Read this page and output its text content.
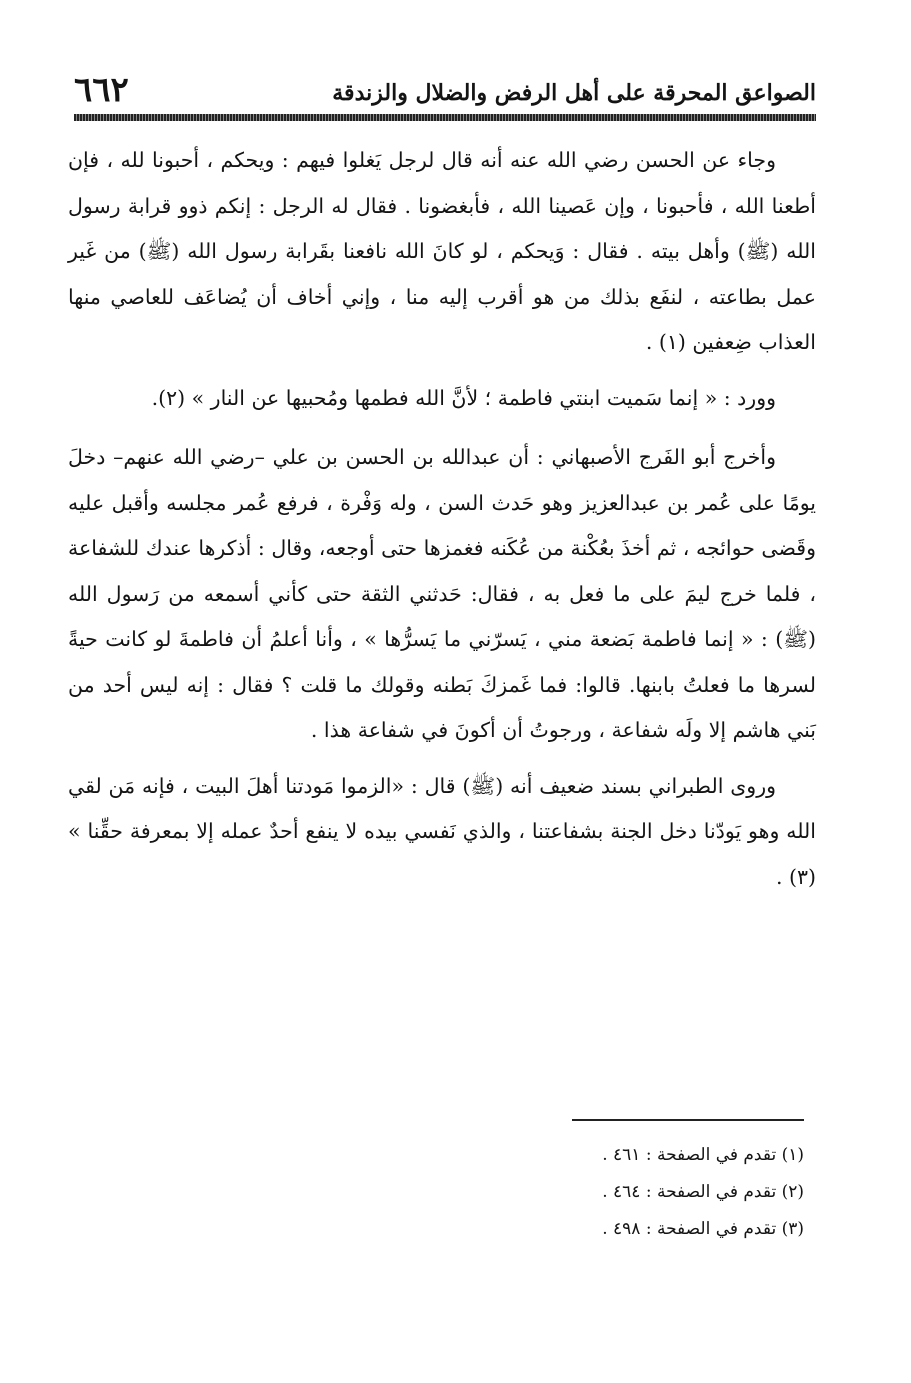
الصواعق المحرقة على أهل الرفض والضلال والزندقة
٦٦٢

وجاء عن الحسن رضي الله عنه أنه قال لرجل يَغلوا فيهم : ويحكم ، أحبونا لله ، فإن أطعنا الله ، فأحبونا ، وإن عَصينا الله ، فأبغضونا . فقال له الرجل : إنكم ذوو قرابة رسول الله (ﷺ) وأهل بيته . فقال : وَيحكم ، لو كانَ الله نافعنا بقَرابة رسول الله (ﷺ) من غَير عمل بطاعته ، لنفَع بذلك من هو أقرب إليه منا ، وإني أخاف أن يُضاعَف للعاصي منها العذاب ضِعفين (١) .

وورد : « إنما سَميت ابنتي فاطمة ؛ لأنَّ الله فطمها ومُحبيها عن النار » (٢).

وأخرج أبو الفَرج الأصبهاني : أن عبدالله بن الحسن بن علي –رضي الله عنهم– دخلَ يومًا على عُمر بن عبدالعزيز وهو حَدث السن ، وله وَفْرة ، فرفع عُمر مجلسه وأقبل عليه وقَضى حوائجه ، ثم أخذَ بعُكْنة من عُكَنه فغمزها حتى أوجعه، وقال : أذكرها عندك للشفاعة ، فلما خرج ليمَ على ما فعل به ، فقال: حَدثني الثقة حتى كأني أسمعه من رَسول الله (ﷺ) : « إنما فاطمة بَضعة مني ، يَسرّني ما يَسرُّها » ، وأنا أعلمُ أن فاطمةَ لو كانت حيةً لسرها ما فعلتُ بابنها. قالوا: فما غَمزكَ بَطنه وقولك ما قلت ؟ فقال : إنه ليس أحد من بَني هاشم إلا ولَه شفاعة ، ورجوتُ أن أكونَ في شفاعة هذا .

وروى الطبراني بسند ضعيف أنه (ﷺ) قال : «الزموا مَودتنا أهلَ البيت ، فإنه مَن لقي الله وهو يَودّنا دخل الجنة بشفاعتنا ، والذي نَفسي بيده لا ينفع أحدٌ عمله إلا بمعرفة حقِّنا » (٣) .

(١) تقدم في الصفحة : ٤٦١ .

(٢) تقدم في الصفحة : ٤٦٤ .

(٣) تقدم في الصفحة : ٤٩٨ .
